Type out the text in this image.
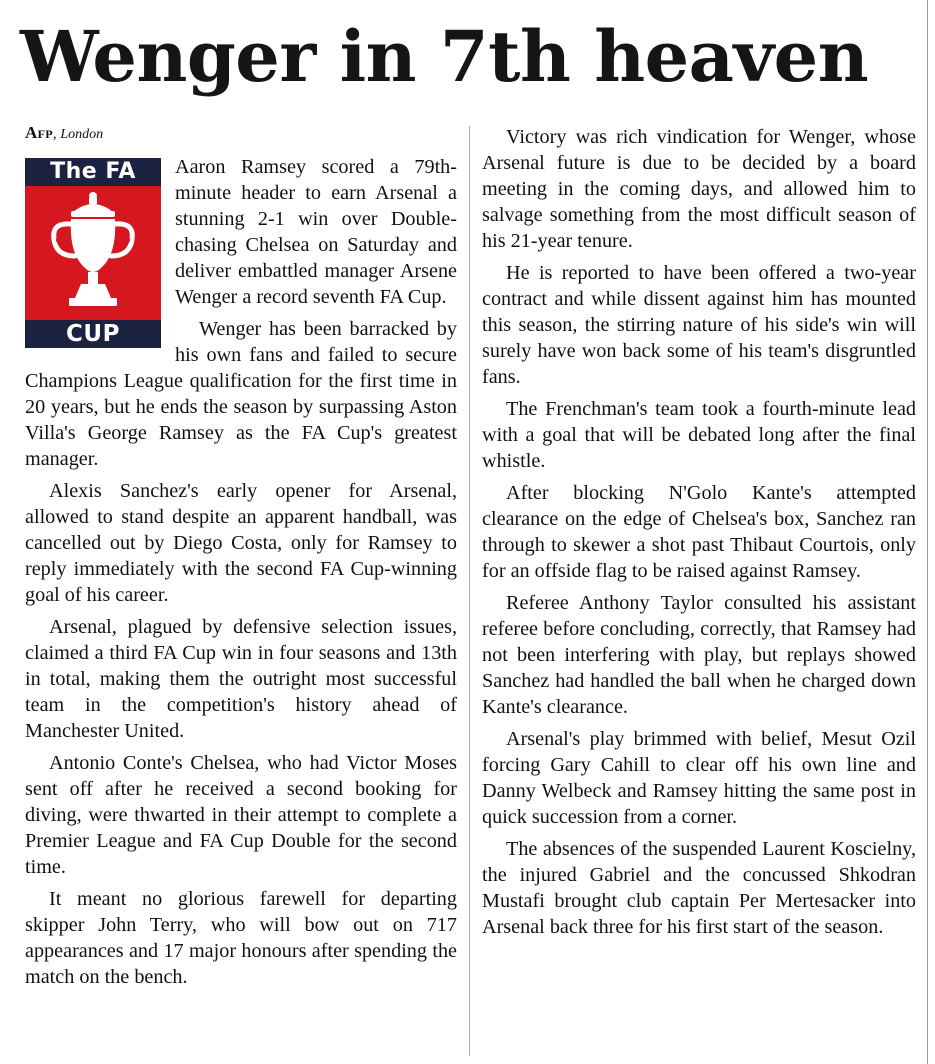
Wenger in 7th heaven
Afp, London
The FA
CUP

Aaron Ramsey scored a 79th-minute header to earn Arsenal a stunning 2-1 win over Double-chasing Chelsea on Saturday and deliver embattled manager Arsene Wenger a record seventh FA Cup.

Wenger has been barracked by his own fans and failed to secure Champions League qualification for the first time in 20 years, but he ends the season by surpassing Aston Villa's George Ramsey as the FA Cup's greatest manager.

Alexis Sanchez's early opener for Arsenal, allowed to stand despite an apparent handball, was cancelled out by Diego Costa, only for Ramsey to reply immediately with the second FA Cup-winning goal of his career.

Arsenal, plagued by defensive selection issues, claimed a third FA Cup win in four seasons and 13th in total, making them the outright most successful team in the competition's history ahead of Manchester United.

Antonio Conte's Chelsea, who had Victor Moses sent off after he received a second booking for diving, were thwarted in their attempt to complete a Premier League and FA Cup Double for the second time.

It meant no glorious farewell for departing skipper John Terry, who will bow out on 717 appearances and 17 major honours after spending the match on the bench.

Victory was rich vindication for Wenger, whose Arsenal future is due to be decided by a board meeting in the coming days, and allowed him to salvage something from the most difficult season of his 21-year tenure.

He is reported to have been offered a two-year contract and while dissent against him has mounted this season, the stirring nature of his side's win will surely have won back some of his team's disgruntled fans.

The Frenchman's team took a fourth-minute lead with a goal that will be debated long after the final whistle.

After blocking N'Golo Kante's attempted clearance on the edge of Chelsea's box, Sanchez ran through to skewer a shot past Thibaut Courtois, only for an offside flag to be raised against Ramsey.

Referee Anthony Taylor consulted his assistant referee before concluding, correctly, that Ramsey had not been interfering with play, but replays showed Sanchez had handled the ball when he charged down Kante's clearance.

Arsenal's play brimmed with belief, Mesut Ozil forcing Gary Cahill to clear off his own line and Danny Welbeck and Ramsey hitting the same post in quick succession from a corner.

The absences of the suspended Laurent Koscielny, the injured Gabriel and the concussed Shkodran Mustafi brought club captain Per Mertesacker into Arsenal back three for his first start of the season.
